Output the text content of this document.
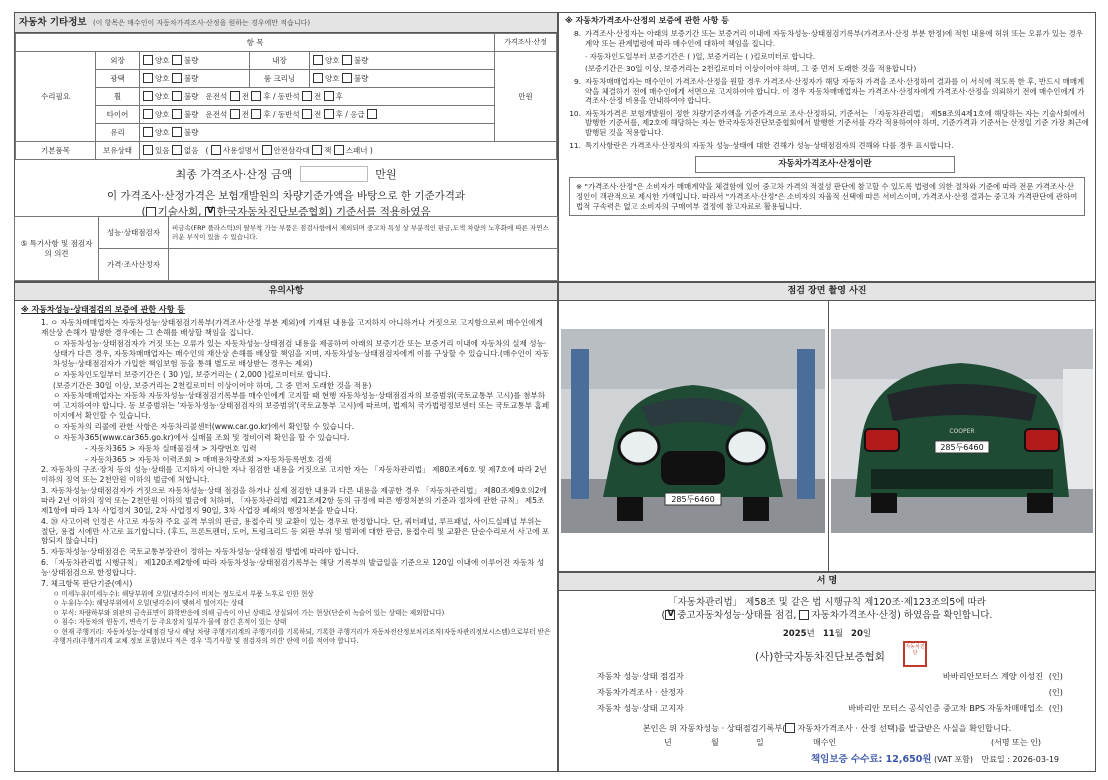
자동차 기타정보 (이 항목은 매수인이 자동차가격조사·산정을 원하는 경우에만 적습니다)
항 목					가격조사·산정
수리필요	외장	양호 불량	내장	양호 불량	만원
	광택	양호 불량	룸 크리닝	양호 불량	
	휠	양호 불량 운전석 전 후 / 동반석 전 후			
	타이어	양호 불량 운전석 전 후 / 동반석 전 후 / 응급			
	유리	양호 불량			
기본품목	보유상태	있음 없음 ( 사용설명서 안전삼각대 잭 스패너 )			
최종 가격조사·산정 금액	만원
이 가격조사·산정가격은 보험개발원의 차량기준가액을 바탕으로 한 기준가격과
( 기술사회, V 한국자동차진단보증협회) 기준서를 적용하였음
⑤ 특기사항 및 점검자의 의견	성능·상태점검자	비금속(FRP 플라스틱)의 탈부착 가능 부품은 점검사항에서 제외되며 중고차 특성 상 부분적인 판금,도색 차량의 노후화에 따른 자연스러운 부식이 있을 수 있습니다.
	가격·조사산정자	
※ 자동차가격조사·산정의 보증에 관한 사항 등
8. 가격조사·산정자는 아래의 보증기간 또는 보증거리 이내에 자동차성능·상태점검기록부(가격조사·산정 부분 한정)에 적힌 내용에 허위 또는 오류가 있는 경우 계약 또는 관계법령에 따라 매수인에 대하여 책임을 집니다.
· 자동차인도일부터 보증기간은 ( )일, 보증거리는 ( )킬로미터로 합니다.
(보증기간은 30일 이상, 보증거리는 2천킬로미터 이상이어야 하며, 그 중 먼저 도래한 것을 적용합니다)
9. 자동차매매업자는 매수인이 가격조사·산정을 원할 경우 가격조사·산정자가 해당 자동차 가격을 조사·산정하여 결과를 이 서식에 적도록 한 후, 반드시 매매계약을 체결하기 전에 매수인에게 서면으로 고지하여야 합니다. 이 경우 자동차매매업자는 가격조사·산정자에게 가격조사·산정을 의뢰하기 전에 매수인에게 가격조사·산정 비용을 안내하여야 합니다.
10. 자동차가격은 보험개발원이 정한 차량기준가액을 기준가격으로 조사·산정하되, 기준서는 「자동차관리법」 제58조의4제1호에 해당하는 자는 기술사회에서 발행한 기준서를, 제2호에 해당하는 자는 한국자동차진단보증협회에서 발행한 기준서를 각각 적용하여야 하며, 기준가격과 기준서는 산정일 기준 가장 최근에 발행된 것을 적용합니다.
11. 특기사항란은 가격조사·산정자의 자동차 성능·상태에 대한 견해가 성능·상태점검자의 견해와 다를 경우 표시합니다.
자동차가격조사·산정이란
※ "가격조사·산정"은 소비자가 매매계약을 체결함에 있어 중고차 가격의 적절성 판단에 참고할 수 있도록 법령에 의한 절차와 기준에 따라 전문 가격조사·산정인이 객관적으로 제시한 가액입니다. 따라서 "가격조사·산정"은 소비자의 자율적 선택에 따른 서비스이며, 가격조사·산정 결과는 중고차 가격판단에 관하여 법적 구속력은 없고 소비자의 구매여부 결정에 참고자료로 활용됩니다.
유의사항
※ 자동차성능·상태점검의 보증에 관한 사항 등
1. ㅇ 자동차매매업자는 자동차성능·상태점검기록부(가격조사·산정 부분 제외)에 기재된 내용을 고지하지 아니하거나 거짓으로 고지함으로써 매수인에게 재산상 손해가 발생한 경우에는 그 손해를 배상할 책임을 집니다.
ㅇ 자동차성능·상태점검자가 거짓 또는 오류가 있는 자동차성능·상태점검 내용을 제공하여 아래의 보증기간 또는 보증거리 이내에 자동차의 실제 성능·상태가 다른 경우, 자동차매매업자는 매수인의 재산상 손해를 배상할 책임을 지며, 자동차성능·상태점검자에게 이를 구상할 수 있습니다.(매수인이 자동차성능·상태점검자가 가입한 책임보험 등을 통해 별도로 배상받는 경우는 제외)
ㅇ 자동차인도일부터 보증기간은 ( 30 )일, 보증거리는 ( 2,000 )킬로미터로 합니다.
(보증기간은 30일 이상, 보증거리는 2천킬로미터 이상이어야 하며, 그 중 먼저 도래한 것을 적용)
ㅇ 자동차매매업자는 자동차 자동차성능·상태점검기록부를 매수인에게 고지할 때 현행 자동차성능·상태점검자의 보증범위(국토교통부 고시)를 첨부하여 고지하여야 합니다. 동 보증범위는 '자동차성능·상태점검자의 보증범위'(국토교통부 고시)에 따르며, 법제처 국가법령정보센터 또는 국토교통부 홈페이지에서 확인할 수 있습니다.
ㅇ 자동차의 리콜에 관한 사항은 자동차리콜센터(www.car.go.kr)에서 확인할 수 있습니다.
ㅇ 자동차365(www.car365.go.kr)에서 실매물 조회 및 정비이력 확인을 할 수 있습니다.
- 자동차365 > 자동차 실매물검색 > 차량번호 입력
- 자동차365 > 자동차 이력조회 > 매매용차량조회 >자동차등록번호 검색
2. 자동차의 구조·장치 등의 성능·상태를 고지하지 아니한 자나 점검한 내용을 거짓으로 고지한 자는 「자동차관리법」 제80조제6호 및 제7호에 따라 2년 이하의 징역 또는 2천만원 이하의 벌금에 처합니다.
3. 자동차성능·상태점검자가 거짓으로 자동차성능·상태 점검을 하거나 실제 점검한 내용과 다른 내용을 제공한 경우 「자동차관리법」 제80조제9호의2에 따라 2년 이하의 징역 또는 2천만원 이하의 벌금에 처하며, 「자동차관리법 제21조제2항 등의 규정에 따른 행정처분의 기준과 절차에 관한 규칙」 제5조제1항에 따라 1차 사업정지 30일, 2차 사업정지 90일, 3차 사업장 폐쇄의 행정처분을 받습니다.
4. ⑳ 사고이력 인정은 사고로 자동차 주요 골격 부위의 판금, 용접수리 및 교환이 있는 경우로 한정합니다. 단, 쿼터패널, 루프패널, 사이드실패널 부위는 절단, 용접 시에만 사고로 표기합니다. (후드, 프론트펜더, 도어, 트렁크리드 등 외판 부위 및 범퍼에 대한 판금, 용접수리 및 교환은 단순수리로서 사고에 포함되지 않습니다)
5. 자동차성능·상태점검은 국토교통부장관이 정하는 자동차성능·상태점검 방법에 따라야 합니다.
6. 「자동차관리법 시행규칙」 제120조제2항에 따라 자동차성능·상태점검기록부는 해당 기록부의 발급일을 기준으로 120일 이내에 이루어진 자동차 성능·상태점검으로 한정합니다.
7. 체크항목 판단기준(예시)
ㅇ 미세누유(미세누수): 해당부위에 오일(냉각수)이 비치는 정도로서 부품 노후로 인한 현상
ㅇ 누유(누수): 해당부위에서 오일(냉각수)이 맺혀서 떨어지는 상태
ㅇ 부식: 차량하부와 외판의 금속표면이 화학반응에 의해 금속이 아닌 상태로 상실되어 가는 현상(단순히 녹슬어 있는 상태는 제외합니다)
ㅇ 침수: 자동차의 원동기, 변속기 등 주요장치 일부가 물에 잠긴 흔적이 있는 상태
ㅇ 현재 주행거리: 자동차성능·상태점검 당시 해당 차량 주행거리계의 주행거리를 기록하되, 기록한 주행거리가 자동차전산정보처리조직(자동차관리정보시스템)으로부터 받은 주행거리(주행거리계 교체 정보 포함)보다 적은 경우 '특기사항 및 점검자의 의견' 란에 이를 적어야 합니다.
점검 장면 촬영 사진
285두6460
COOPER
285두6460
서 명
「자동차관리법」 제58조 및 같은 법 시행규칙 제120조·제123조의5에 따라
( V 중고자동차성능·상태를 점검, 자동차가격조사·산정) 하였음을 확인합니다.
2025년 11월 20일
(사)한국자동차진단보증협회
자동차진단
자동차 성능·상태 점검자	바바리안모터스 계양 이성진 (인)
자동차가격조사 · 산정자	(인)
자동차 성능·상태 고지자	바바리안 모터스 공식인증 중고차 BPS 자동차매매업소 (인)
본인은 위 자동차성능 · 상태점검기록부( 자동차가격조사 · 산정 선택)를 발급받은 사실을 확인합니다.
년	월	일	매수인	(서명 또는 인)
책임보증 수수료: 12,650원 (VAT 포함) 만료일 : 2026-03-19
